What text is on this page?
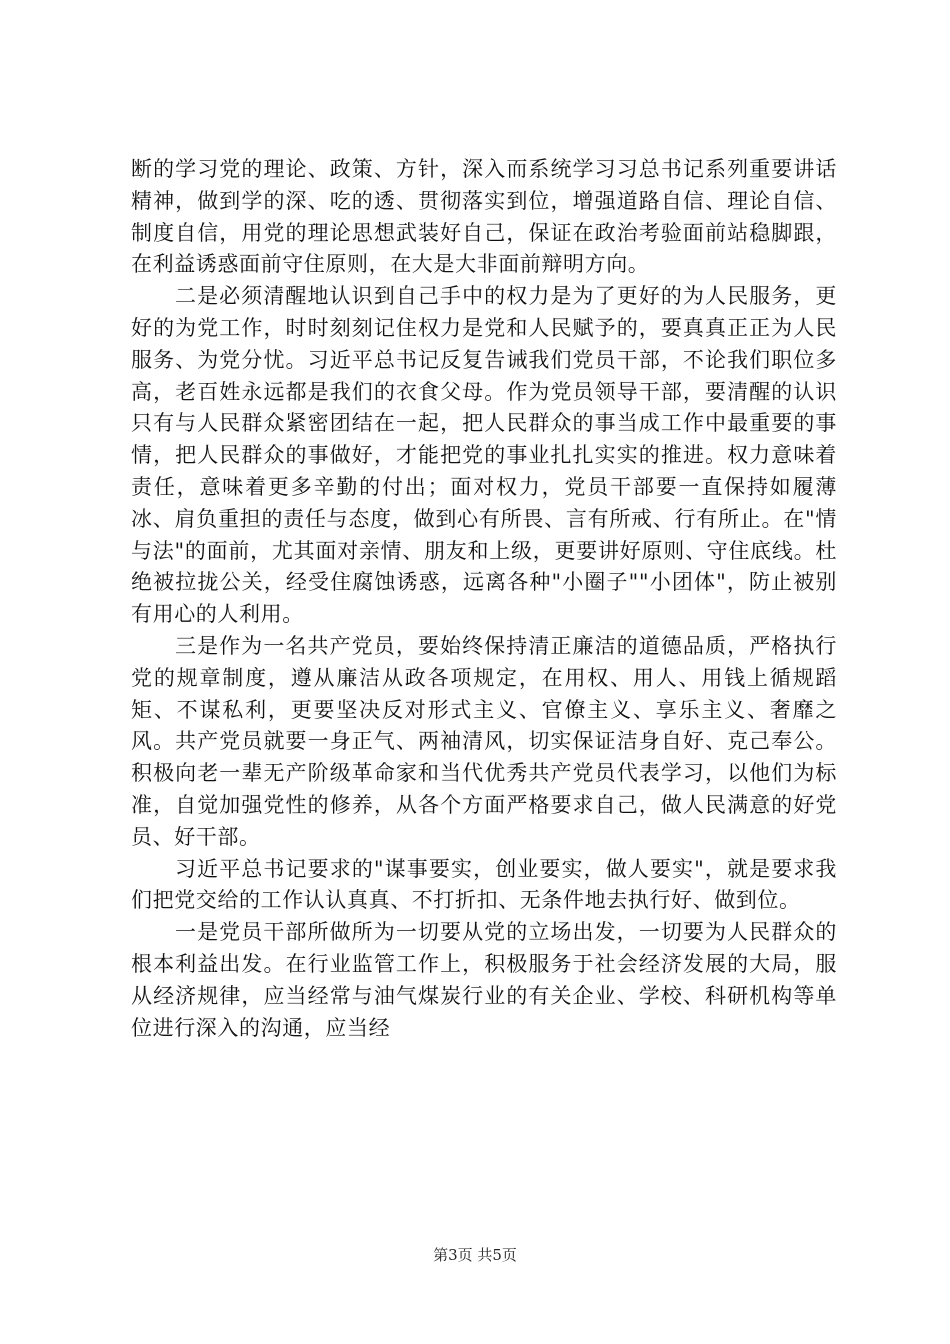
断的学习党的理论、政策、方针，深入而系统学习习总书记系列重要讲话精神，做到学的深、吃的透、贯彻落实到位，增强道路自信、理论自信、制度自信，用党的理论思想武装好自己，保证在政治考验面前站稳脚跟，在利益诱惑面前守住原则，在大是大非面前辩明方向。

二是必须清醒地认识到自己手中的权力是为了更好的为人民服务，更好的为党工作，时时刻刻记住权力是党和人民赋予的，要真真正正为人民服务、为党分忧。习近平总书记反复告诫我们党员干部，不论我们职位多高，老百姓永远都是我们的衣食父母。作为党员领导干部，要清醒的认识只有与人民群众紧密团结在一起，把人民群众的事当成工作中最重要的事情，把人民群众的事做好，才能把党的事业扎扎实实的推进。权力意味着责任，意味着更多辛勤的付出；面对权力，党员干部要一直保持如履薄冰、肩负重担的责任与态度，做到心有所畏、言有所戒、行有所止。在"情与法"的面前，尤其面对亲情、朋友和上级，更要讲好原则、守住底线。杜绝被拉拢公关，经受住腐蚀诱惑，远离各种"小圈子""小团体"，防止被别有用心的人利用。

三是作为一名共产党员，要始终保持清正廉洁的道德品质，严格执行党的规章制度，遵从廉洁从政各项规定，在用权、用人、用钱上循规蹈矩、不谋私利，更要坚决反对形式主义、官僚主义、享乐主义、奢靡之风。共产党员就要一身正气、两袖清风，切实保证洁身自好、克己奉公。积极向老一辈无产阶级革命家和当代优秀共产党员代表学习，以他们为标准，自觉加强党性的修养，从各个方面严格要求自己，做人民满意的好党员、好干部。

习近平总书记要求的"谋事要实，创业要实，做人要实"，就是要求我们把党交给的工作认认真真、不打折扣、无条件地去执行好、做到位。

一是党员干部所做所为一切要从党的立场出发，一切要为人民群众的根本利益出发。在行业监管工作上，积极服务于社会经济发展的大局，服从经济规律，应当经常与油气煤炭行业的有关企业、学校、科研机构等单位进行深入的沟通，应当经

第3页 共5页
